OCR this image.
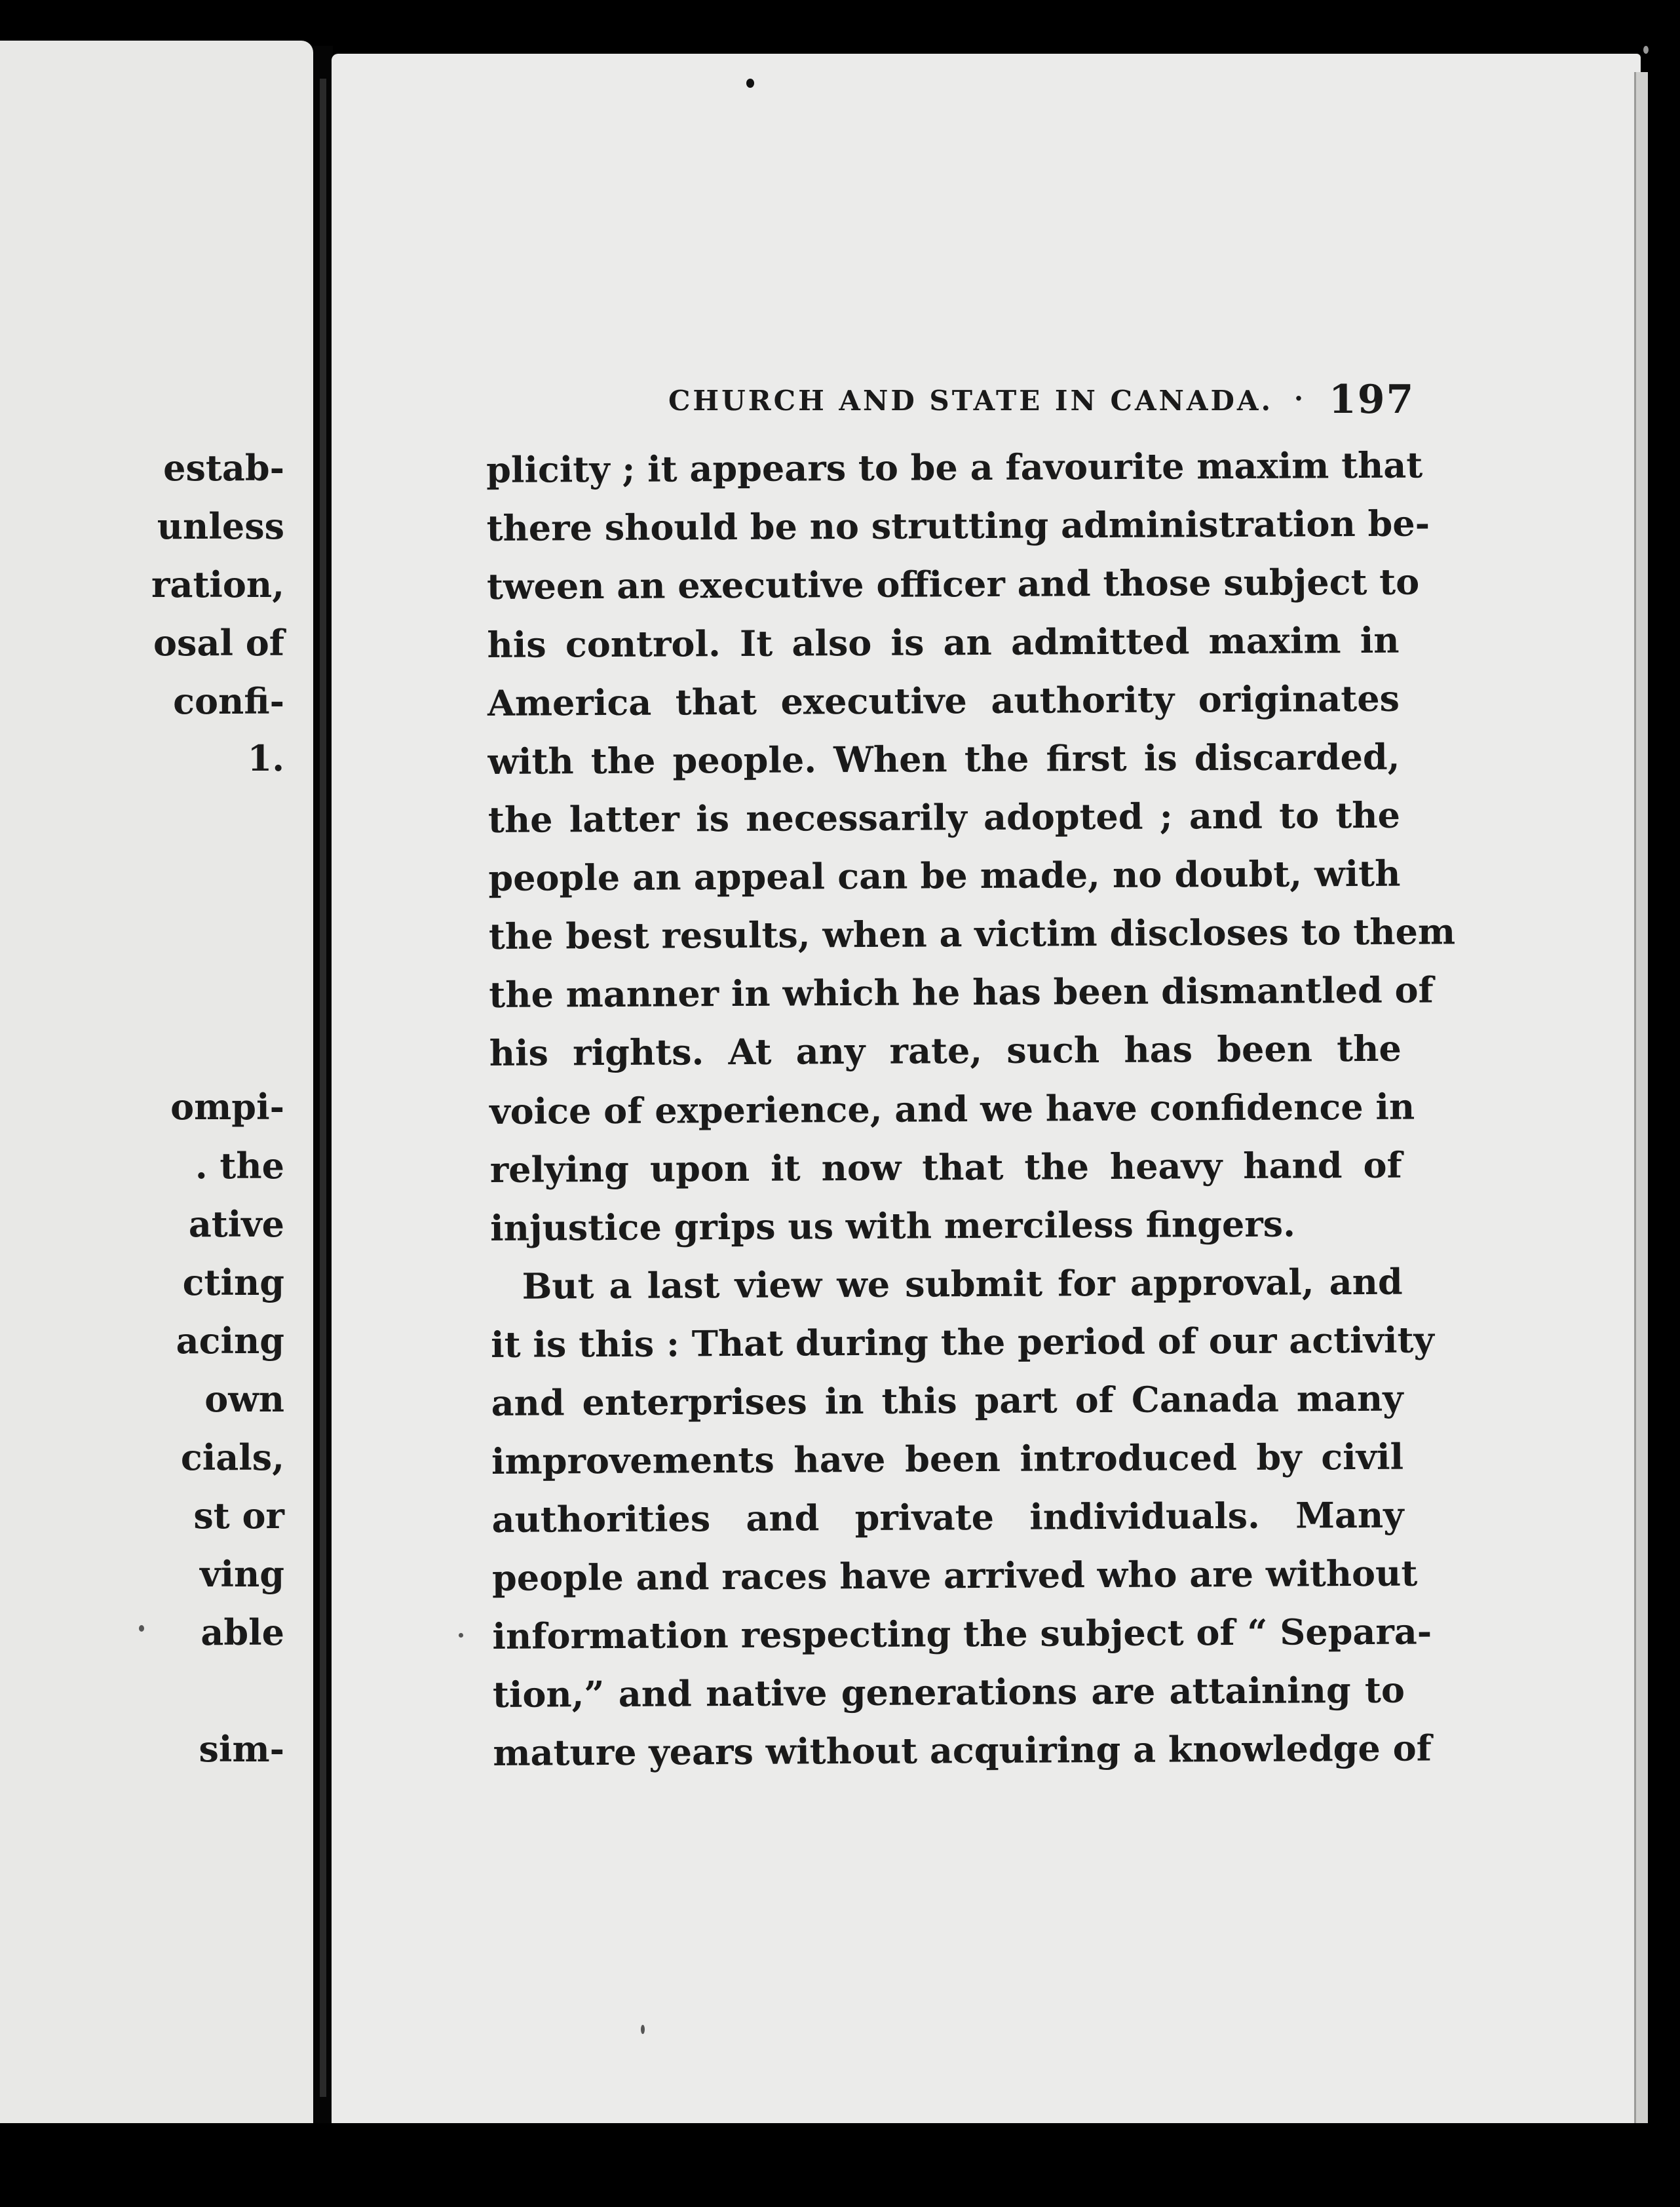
estab-
unless
ration,
osal of
confi-
1.
ompi-
. the
ative
cting
acing
own
cials,
st or
ving
able
sim-
CHURCH AND STATE IN CANADA. · 197
plicity ; it appears to be a favourite maxim that
there should be no strutting administration be-
tween an executive officer and those subject to
his control. It also is an admitted maxim in
America that executive authority originates
with the people. When the first is discarded,
the latter is necessarily adopted ; and to the
people an appeal can be made, no doubt, with
the best results, when a victim discloses to them
the manner in which he has been dismantled of
his rights. At any rate, such has been the
voice of experience, and we have confidence in
relying upon it now that the heavy hand of
injustice grips us with merciless fingers.
But a last view we submit for approval, and
it is this : That during the period of our activity
and enterprises in this part of Canada many
improvements have been introduced by civil
authorities and private individuals. Many
people and races have arrived who are without
information respecting the subject of “ Separa-
tion,” and native generations are attaining to
mature years without acquiring a knowledge of
